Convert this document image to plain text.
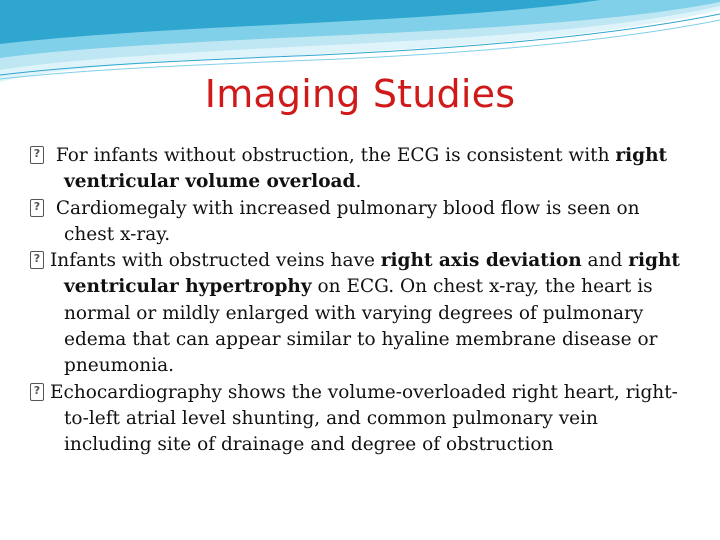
Imaging Studies
? For infants without obstruction, the ECG is consistent with right ventricular volume overload.
? Cardiomegaly with increased pulmonary blood flow is seen on chest x-ray.
?Infants with obstructed veins have right axis deviation and right ventricular hypertrophy on ECG. On chest x-ray, the heart is normal or mildly enlarged with varying degrees of pulmonary edema that can appear similar to hyaline membrane disease or pneumonia.
?Echocardiography shows the volume-overloaded right heart, right-to-left atrial level shunting, and common pulmonary vein including site of drainage and degree of obstruction
